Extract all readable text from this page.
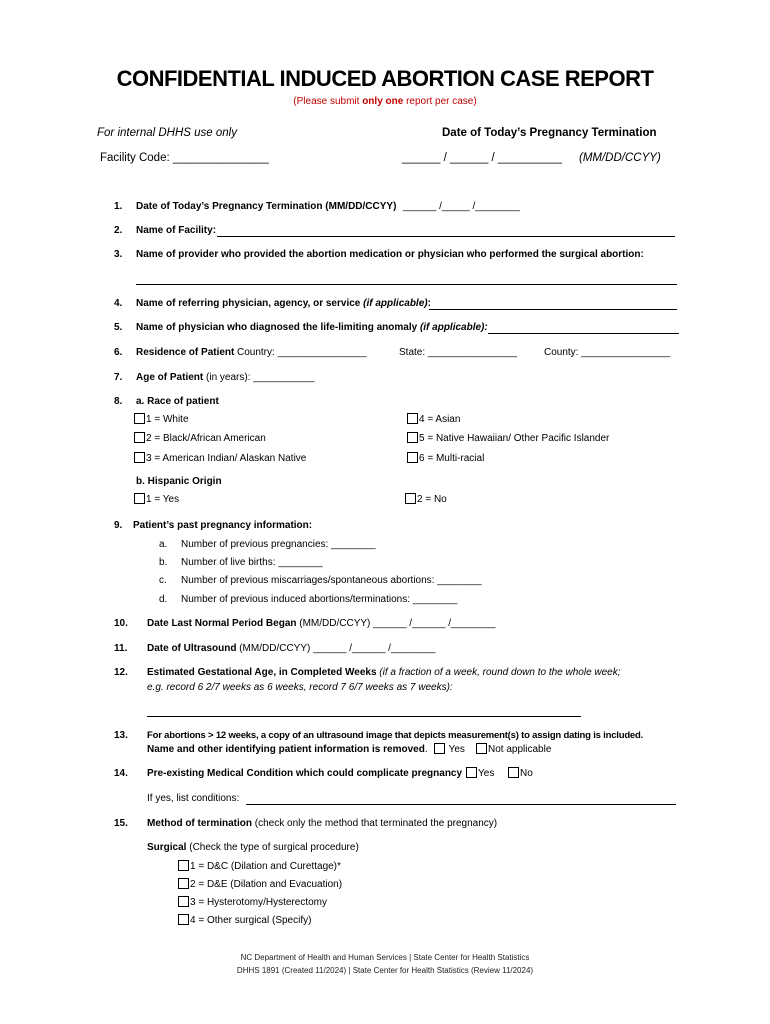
CONFIDENTIAL INDUCED ABORTION CASE REPORT
(Please submit only one report per case)
For internal DHHS use only
Facility Code: _______________
Date of Today’s Pregnancy Termination
______ / ______ / __________ (MM/DD/CCYY)
1. Date of Today’s Pregnancy Termination (MM/DD/CCYY) ______ /_____ /________
2. Name of Facility:
3. Name of provider who provided the abortion medication or physician who performed the surgical abortion:
4. Name of referring physician, agency, or service (if applicable):
5. Name of physician who diagnosed the life-limiting anomaly (if applicable):
6. Residence of Patient Country: ________________	State: ________________	County: ________________
7. Age of Patient (in years): ___________
8. a. Race of patient
1 = White
2 = Black/African American
3 = American Indian/ Alaskan Native
4 = Asian
5 = Native Hawaiian/ Other Pacific Islander
6 = Multi-racial
b. Hispanic Origin
1 = Yes	2 = No
9. Patient’s past pregnancy information:
a. Number of previous pregnancies: ________
b. Number of live births: ________
c. Number of previous miscarriages/spontaneous abortions: ________
d. Number of previous induced abortions/terminations: ________
10. Date Last Normal Period Began (MM/DD/CCYY) ______ /______ /________
11. Date of Ultrasound (MM/DD/CCYY) ______ /______ /________
12. Estimated Gestational Age, in Completed Weeks (if a fraction of a week, round down to the whole week;
e.g. record 6 2/7 weeks as 6 weeks, record 7 6/7 weeks as 7 weeks):
13. For abortions > 12 weeks, a copy of an ultrasound image that depicts measurement(s) to assign dating is included.
Name and other identifying patient information is removed.	Yes	Not applicable
14. Pre-existing Medical Condition which could complicate pregnancy	Yes	No
If yes, list conditions:
15. Method of termination (check only the method that terminated the pregnancy)
Surgical (Check the type of surgical procedure)
1 = D&C (Dilation and Curettage)*
2 = D&E (Dilation and Evacuation)
3 = Hysterotomy/Hysterectomy
4 = Other surgical (Specify)
NC Department of Health and Human Services | State Center for Health Statistics
DHHS 1891 (Created 11/2024) | State Center for Health Statistics (Review 11/2024)
